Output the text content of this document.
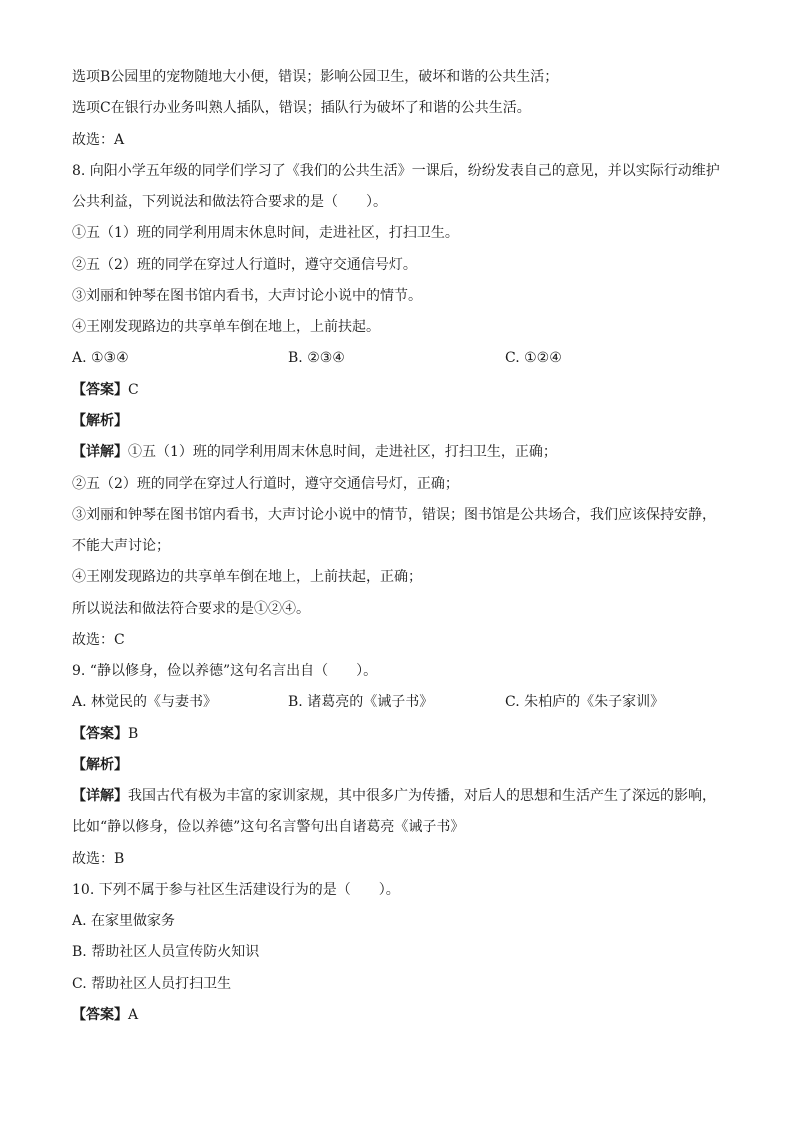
选项B公园里的宠物随地大小便，错误；影响公园卫生，破坏和谐的公共生活；
选项C在银行办业务叫熟人插队，错误；插队行为破坏了和谐的公共生活。
故选：A
8. 向阳小学五年级的同学们学习了《我们的公共生活》一课后，纷纷发表自己的意见，并以实际行动维护
公共利益，下列说法和做法符合要求的是（　　）。
①五（1）班的同学利用周末休息时间，走进社区，打扫卫生。
②五（2）班的同学在穿过人行道时，遵守交通信号灯。
③刘丽和钟琴在图书馆内看书，大声讨论小说中的情节。
④王刚发现路边的共享单车倒在地上，上前扶起。
A. ①③④	B. ②③④	C. ①②④
【答案】C
【解析】
【详解】①五（1）班的同学利用周末休息时间，走进社区，打扫卫生，正确；
②五（2）班的同学在穿过人行道时，遵守交通信号灯，正确；
③刘丽和钟琴在图书馆内看书，大声讨论小说中的情节，错误；图书馆是公共场合，我们应该保持安静，
不能大声讨论；
④王刚发现路边的共享单车倒在地上，上前扶起，正确；
所以说法和做法符合要求的是①②④。
故选：C
9. “静以修身，俭以养德”这句名言出自（　　）。
A. 林觉民的《与妻书》	B. 诸葛亮的《诫子书》	C. 朱柏庐的《朱子家训》
【答案】B
【解析】
【详解】我国古代有极为丰富的家训家规，其中很多广为传播，对后人的思想和生活产生了深远的影响，
比如“静以修身，俭以养德”这句名言警句出自诸葛亮《诫子书》
故选：B
10. 下列不属于参与社区生活建设行为的是（　　）。
A. 在家里做家务
B. 帮助社区人员宣传防火知识
C. 帮助社区人员打扫卫生
【答案】A
